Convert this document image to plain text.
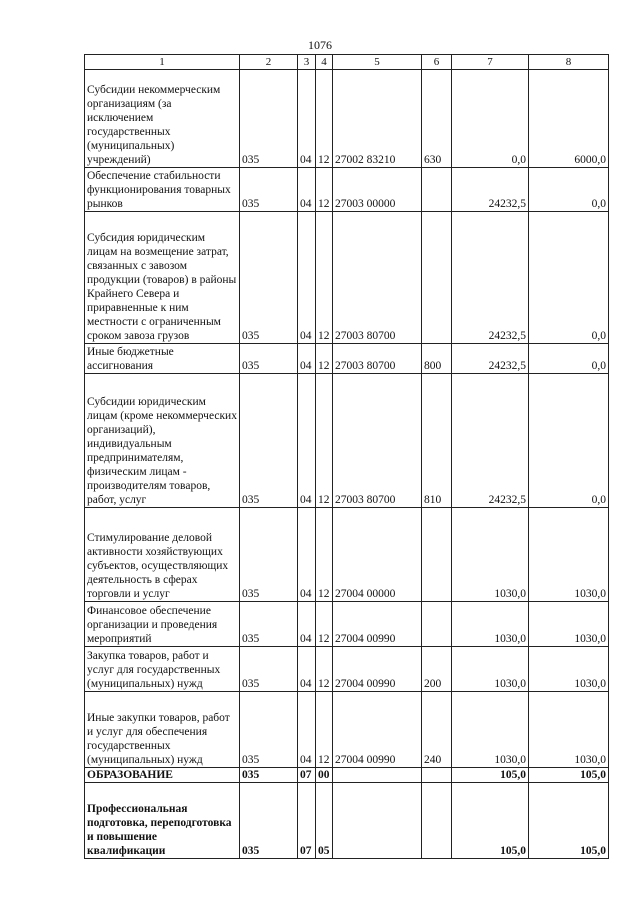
1076
1	2	3	4	5	6	7	8
Субсидии некоммерческим организациям (за исключением государственных (муниципальных) учреждений)	035	04	12	27002 83210	630	0,0	6000,0
Обеспечение стабильности функционирования товарных рынков	035	04	12	27003 00000		24232,5	0,0
Субсидия юридическим лицам на возмещение затрат, связанных с завозом продукции (товаров) в районы Крайнего Севера и приравненные к ним местности с ограниченным сроком завоза грузов	035	04	12	27003 80700		24232,5	0,0
Иные бюджетные ассигнования	035	04	12	27003 80700	800	24232,5	0,0
Субсидии юридическим лицам (кроме некоммерческих организаций), индивидуальным предпринимателям, физическим лицам - производителям товаров, работ, услуг	035	04	12	27003 80700	810	24232,5	0,0
Стимулирование деловой активности хозяйствующих субъектов, осуществляющих деятельность в сферах торговли и услуг	035	04	12	27004 00000		1030,0	1030,0
Финансовое обеспечение организации и проведения мероприятий	035	04	12	27004 00990		1030,0	1030,0
Закупка товаров, работ и услуг для государственных (муниципальных) нужд	035	04	12	27004 00990	200	1030,0	1030,0
Иные закупки товаров, работ и услуг для обеспечения государственных (муниципальных) нужд	035	04	12	27004 00990	240	1030,0	1030,0
ОБРАЗОВАНИЕ	035	07	00			105,0	105,0
Профессиональная подготовка, переподготовка и повышение квалификации	035	07	05			105,0	105,0
